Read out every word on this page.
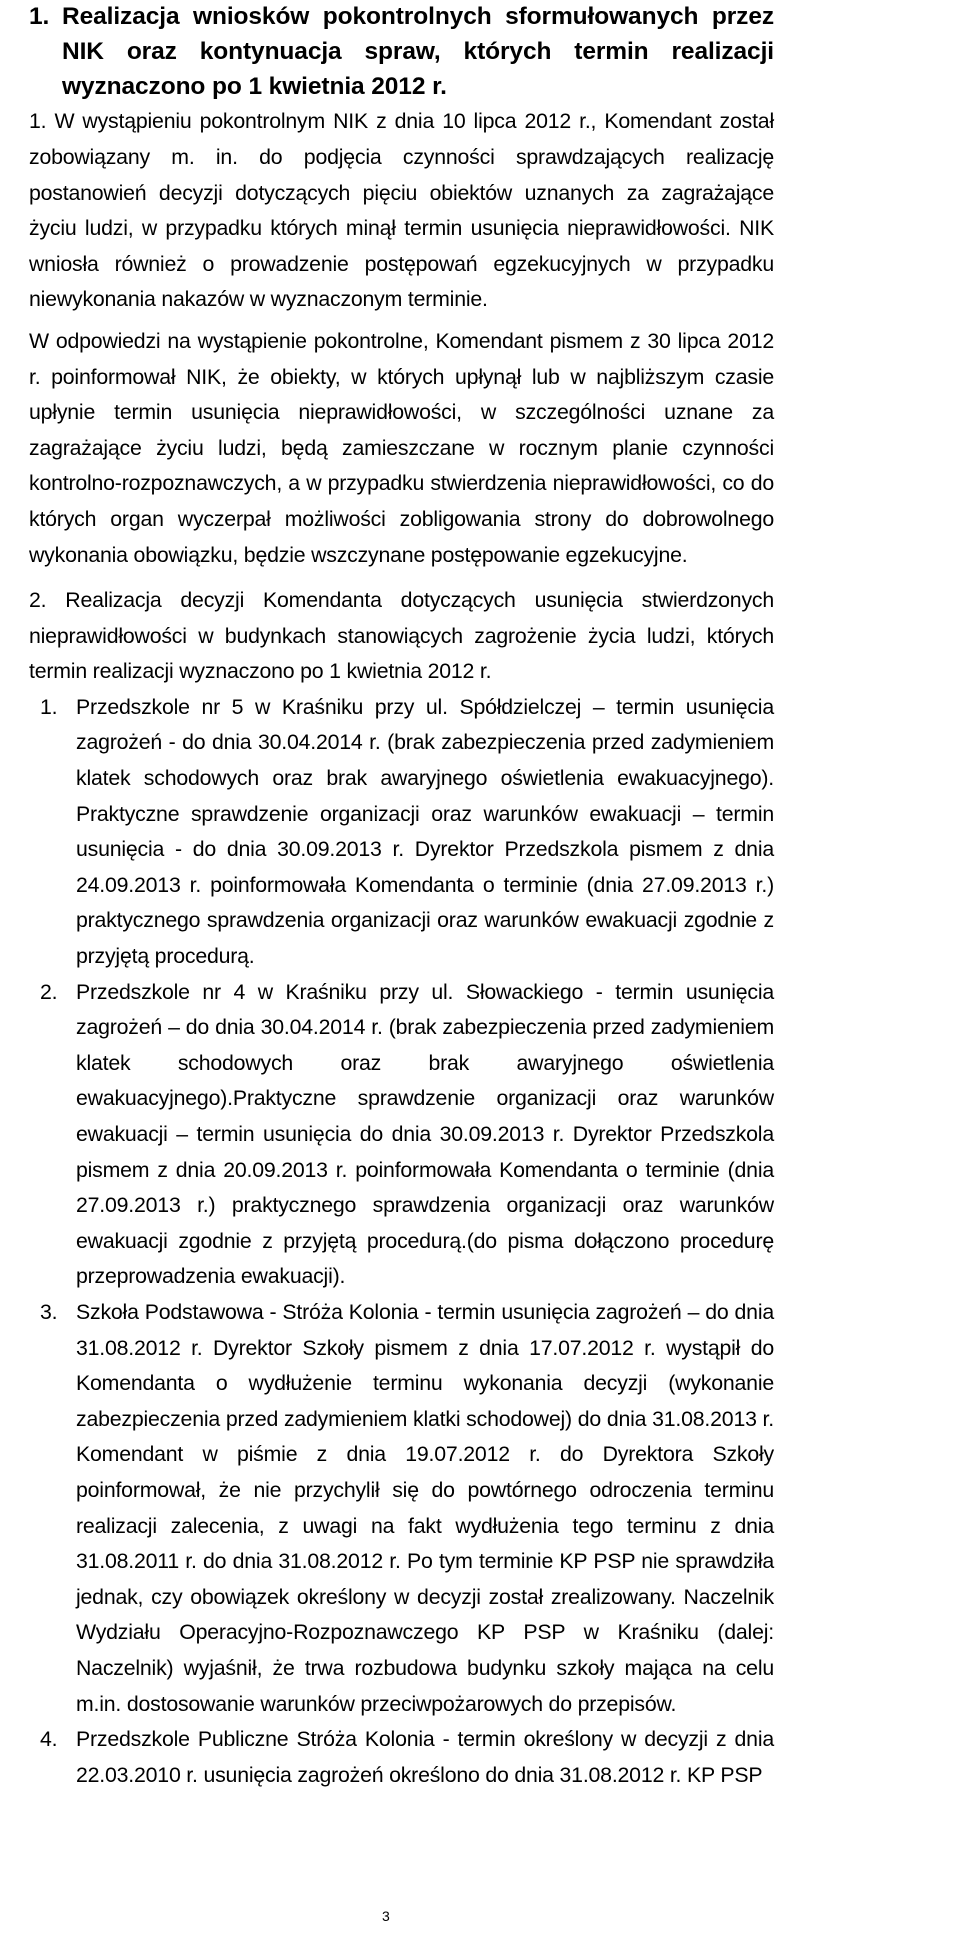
1. Realizacja wniosków pokontrolnych sformułowanych przez NIK oraz kontynuacja spraw, których termin realizacji wyznaczono po 1 kwietnia 2012 r.

1. W wystąpieniu pokontrolnym NIK z dnia 10 lipca 2012 r., Komendant został zobowiązany m. in. do podjęcia czynności sprawdzających realizację postanowień decyzji dotyczących pięciu obiektów uznanych za zagrażające życiu ludzi, w przypadku których minął termin usunięcia nieprawidłowości. NIK wniosła również o prowadzenie postępowań egzekucyjnych w przypadku niewykonania nakazów w wyznaczonym terminie.

W odpowiedzi na wystąpienie pokontrolne, Komendant pismem z 30 lipca 2012 r. poinformował NIK, że obiekty, w których upłynął lub w najbliższym czasie upłynie termin usunięcia nieprawidłowości, w szczególności uznane za zagrażające życiu ludzi, będą zamieszczane w rocznym planie czynności kontrolno-rozpoznawczych, a w przypadku stwierdzenia nieprawidłowości, co do których organ wyczerpał możliwości zobligowania strony do dobrowolnego wykonania obowiązku, będzie wszczynane postępowanie egzekucyjne.

2. Realizacja decyzji Komendanta dotyczących usunięcia stwierdzonych nieprawidłowości w budynkach stanowiących zagrożenie życia ludzi, których termin realizacji wyznaczono po 1 kwietnia 2012 r.

1. Przedszkole nr 5 w Kraśniku przy ul. Spółdzielczej – termin usunięcia zagrożeń - do dnia 30.04.2014 r. (brak zabezpieczenia przed zadymieniem klatek schodowych oraz brak awaryjnego oświetlenia ewakuacyjnego). Praktyczne sprawdzenie organizacji oraz warunków ewakuacji – termin usunięcia - do dnia 30.09.2013 r. Dyrektor Przedszkola pismem z dnia 24.09.2013 r. poinformowała Komendanta o terminie (dnia 27.09.2013 r.) praktycznego sprawdzenia organizacji oraz warunków ewakuacji zgodnie z przyjętą procedurą.
2. Przedszkole nr 4 w Kraśniku przy ul. Słowackiego - termin usunięcia zagrożeń – do dnia 30.04.2014 r. (brak zabezpieczenia przed zadymieniem klatek schodowych oraz brak awaryjnego oświetlenia ewakuacyjnego).Praktyczne sprawdzenie organizacji oraz warunków ewakuacji – termin usunięcia do dnia 30.09.2013 r. Dyrektor Przedszkola pismem z dnia 20.09.2013 r. poinformowała Komendanta o terminie (dnia 27.09.2013 r.) praktycznego sprawdzenia organizacji oraz warunków ewakuacji zgodnie z przyjętą procedurą.(do pisma dołączono procedurę przeprowadzenia ewakuacji).
3. Szkoła Podstawowa - Stróża Kolonia - termin usunięcia zagrożeń – do dnia 31.08.2012 r. Dyrektor Szkoły pismem z dnia 17.07.2012 r. wystąpił do Komendanta o wydłużenie terminu wykonania decyzji (wykonanie zabezpieczenia przed zadymieniem klatki schodowej) do dnia 31.08.2013 r. Komendant w piśmie z dnia 19.07.2012 r. do Dyrektora Szkoły poinformował, że nie przychylił się do powtórnego odroczenia terminu realizacji zalecenia, z uwagi na fakt wydłużenia tego terminu z dnia 31.08.2011 r. do dnia 31.08.2012 r. Po tym terminie KP PSP nie sprawdziła jednak, czy obowiązek określony w decyzji został zrealizowany. Naczelnik Wydziału Operacyjno-Rozpoznawczego KP PSP w Kraśniku (dalej: Naczelnik) wyjaśnił, że trwa rozbudowa budynku szkoły mająca na celu m.in. dostosowanie warunków przeciwpożarowych do przepisów.
4. Przedszkole Publiczne Stróża Kolonia - termin określony w decyzji z dnia 22.03.2010 r. usunięcia zagrożeń określono do dnia 31.08.2012 r. KP PSP
3
